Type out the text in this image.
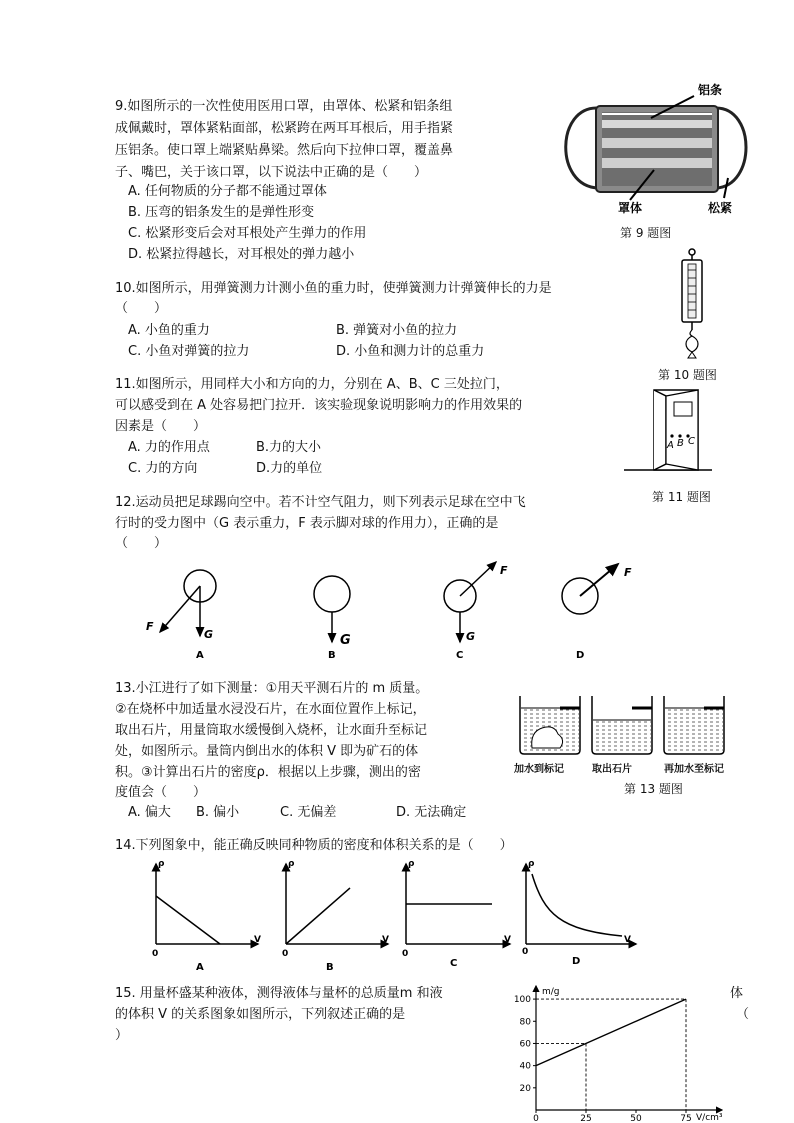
9.如图所示的一次性使用医用口罩，由罩体、松紧和铝条组
成佩戴时，罩体紧粘面部，松紧跨在两耳耳根后，用手指紧
压铝条。使口罩上端紧贴鼻梁。然后向下拉伸口罩，覆盖鼻
子、嘴巴，关于该口罩，以下说法中正确的是（　　）
A. 任何物质的分子都不能通过罩体
B. 压弯的铝条发生的是弹性形变
C. 松紧形变后会对耳根处产生弹力的作用
D. 松紧拉得越长，对耳根处的弹力越小
铝条
罩体	松紧
第 9 题图
10.如图所示，用弹簧测力计测小鱼的重力时，使弹簧测力计弹簧伸长的力是
（　　）
A. 小鱼的重力	B. 弹簧对小鱼的拉力
C. 小鱼对弹簧的拉力	D. 小鱼和测力计的总重力
第 10 题图
11.如图所示，用同样大小和方向的力，分别在 A、B、C 三处拉门，
可以感受到在 A 处容易把门拉开．该实验现象说明影响力的作用效果的
因素是（　　）
A. 力的作用点	B.力的大小
C. 力的方向	D.力的单位
A B C
第 11 题图
12.运动员把足球踢向空中。若不计空气阻力，则下列表示足球在空中飞
行时的受力图中（G 表示重力，F 表示脚对球的作用力），正确的是
（　　）
F
G
A
G
B
F
G
C
F
D
13.小江进行了如下测量：①用天平测石片的 m 质量。
②在烧杯中加适量水浸没石片，在水面位置作上标记，
取出石片，用量筒取水缓慢倒入烧杯，让水面升至标记
处，如图所示。量筒内倒出水的体积 V 即为矿石的体
积。③计算出石片的密度ρ．根据以上步骤，测出的密
度值会（　　）
A. 偏大 B. 偏小	C. 无偏差	D. 无法确定
加水到标记	取出石片	再加水至标记
第 13 题图
14.下列图象中，能正确反映同种物质的密度和体积关系的是（　　）
ρ
V
0
A
ρ
V
0
B
ρ
V
0
C
ρ
V
0
D
15. 用量杯盛某种液体，测得液体与量杯的总质量m 和液	体
的体积 V 的关系图象如图所示，下列叙述正确的是	（
）
20
40
60
80
100
0	25	50	75
m/g
V/cm³
